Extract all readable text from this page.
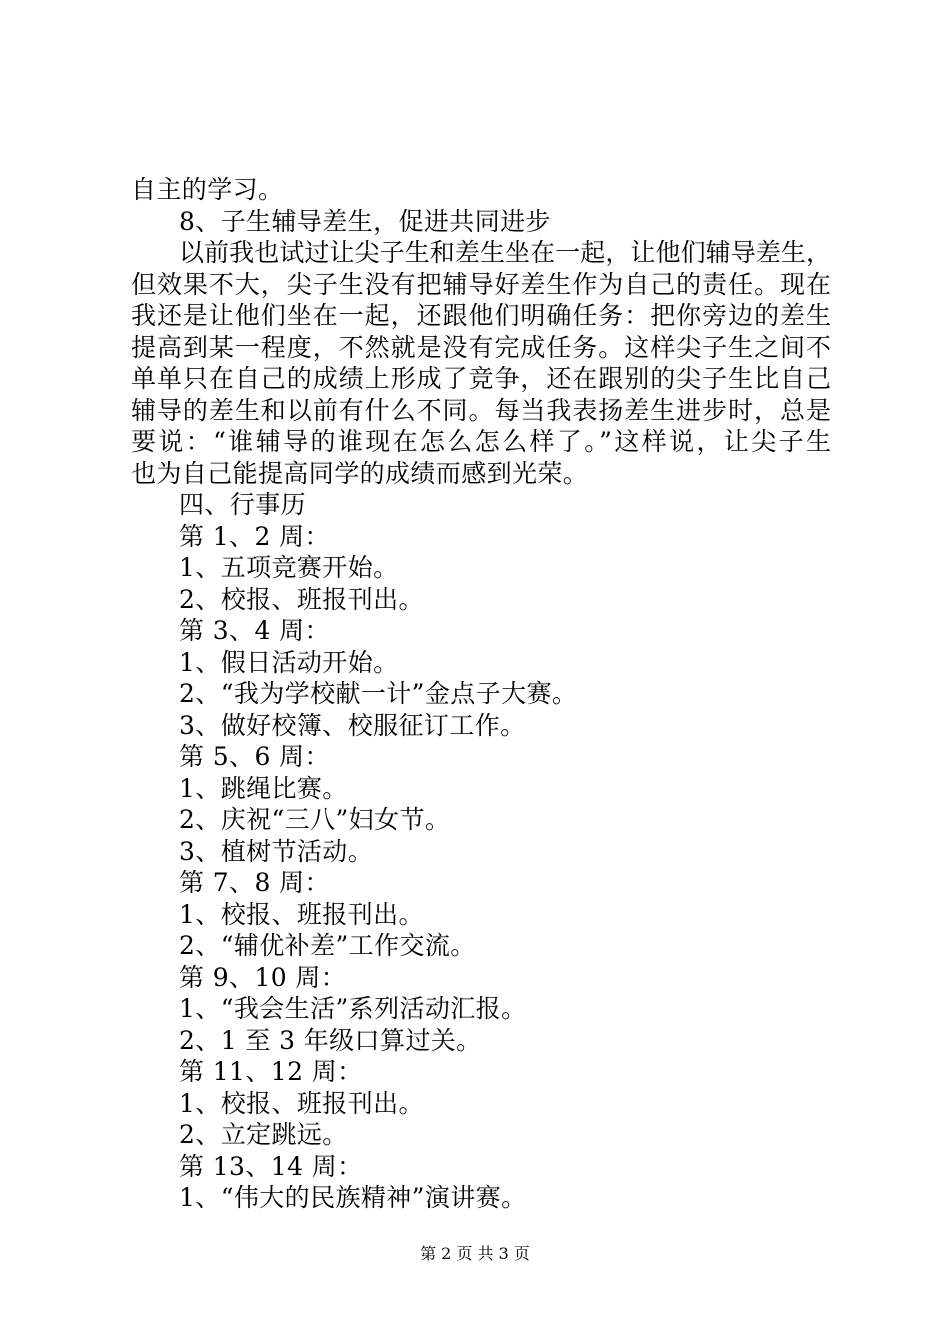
自主的学习。
8、子生辅导差生，促进共同进步
以前我也试过让尖子生和差生坐在一起，让他们辅导差生，
但效果不大，尖子生没有把辅导好差生作为自己的责任。现在
我还是让他们坐在一起，还跟他们明确任务：把你旁边的差生
提高到某一程度，不然就是没有完成任务。这样尖子生之间不
单单只在自己的成绩上形成了竞争，还在跟别的尖子生比自己
辅导的差生和以前有什么不同。每当我表扬差生进步时，总是
要说：“谁辅导的谁现在怎么怎么样了。”这样说，让尖子生
也为自己能提高同学的成绩而感到光荣。
四、行事历
第 1、2 周：
1、五项竞赛开始。
2、校报、班报刊出。
第 3、4 周：
1、假日活动开始。
2、“我为学校献一计”金点子大赛。
3、做好校簿、校服征订工作。
第 5、6 周：
1、跳绳比赛。
2、庆祝“三八”妇女节。
3、植树节活动。
第 7、8 周：
1、校报、班报刊出。
2、“辅优补差”工作交流。
第 9、10 周：
1、“我会生活”系列活动汇报。
2、1 至 3 年级口算过关。
第 11、12 周：
1、校报、班报刊出。
2、立定跳远。
第 13、14 周：
1、“伟大的民族精神”演讲赛。
第 2 页 共 3 页
